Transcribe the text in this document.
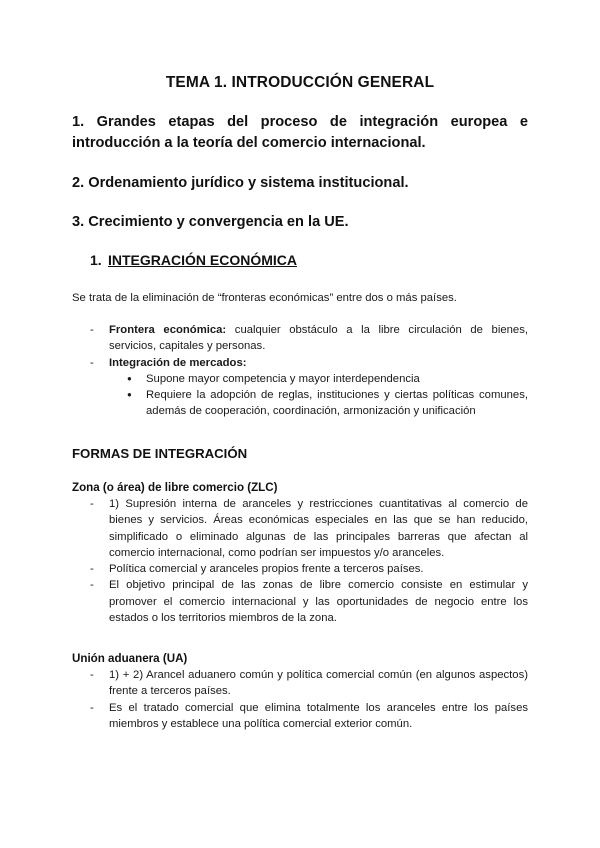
TEMA 1. INTRODUCCIÓN GENERAL
1. Grandes etapas del proceso de integración europea e
introducción a la teoría del comercio internacional.
2. Ordenamiento jurídico y sistema institucional.
3. Crecimiento y convergencia en la UE.
1. INTEGRACIÓN ECONÓMICA
Se trata de la eliminación de “fronteras económicas” entre dos o más países.
-	Frontera económica: cualquier obstáculo a la libre circulación de bienes, servicios, capitales y personas.
-	Integración de mercados:
●	Supone mayor competencia y mayor interdependencia
●	Requiere la adopción de reglas, instituciones y ciertas políticas comunes, además de cooperación, coordinación, armonización y unificación
FORMAS DE INTEGRACIÓN
Zona (o área) de libre comercio (ZLC)
-	1) Supresión interna de aranceles y restricciones cuantitativas al comercio de bienes y servicios. Áreas económicas especiales en las que se han reducido, simplificado o eliminado algunas de las principales barreras que afectan al comercio internacional, como podrían ser impuestos y/o aranceles.
-	Política comercial y aranceles propios frente a terceros países.
-	El objetivo principal de las zonas de libre comercio consiste en estimular y promover el comercio internacional y las oportunidades de negocio entre los estados o los territorios miembros de la zona.
Unión aduanera (UA)
-	1) + 2) Arancel aduanero común y política comercial común (en algunos aspectos) frente a terceros países.
-	Es el tratado comercial que elimina totalmente los aranceles entre los países miembros y establece una política comercial exterior común.
